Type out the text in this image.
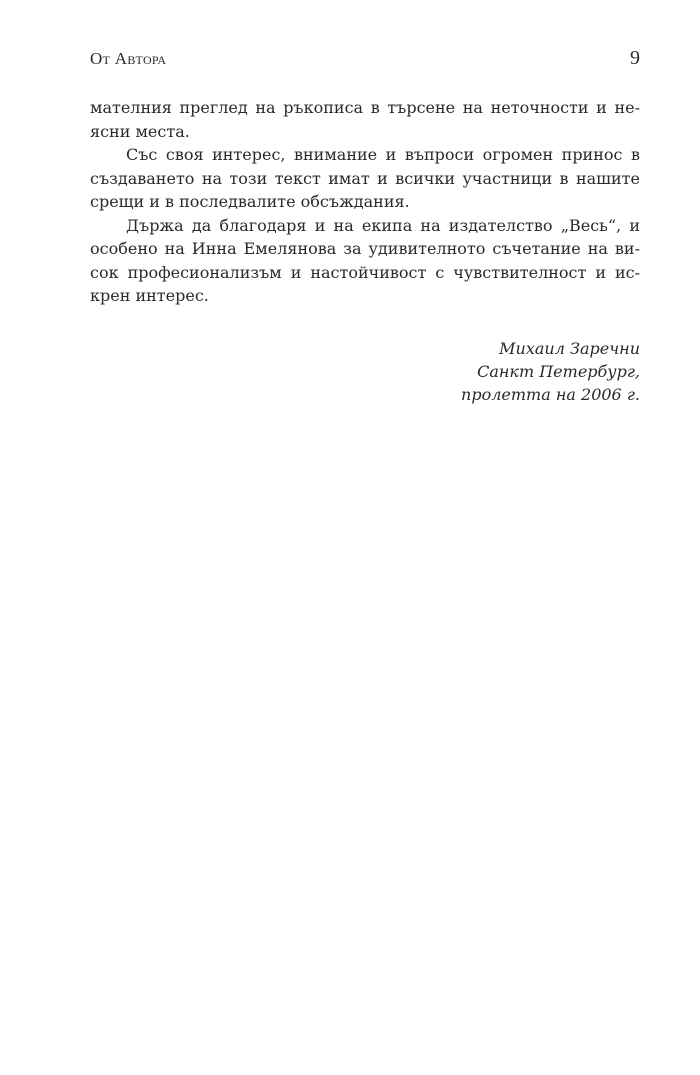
От Автора	9
мателния преглед на ръкописа в търсене на неточности и не-
ясни места.
Със своя интерес, внимание и въпроси огромен принос в
създаването на този текст имат и всички участници в нашите
срещи и в последвалите обсъждания.
Държа да благодаря и на екипа на издателство „Весь“, и
особено на Инна Емелянова за удивителното съчетание на ви-
сок професионализъм и настойчивост с чувствителност и ис-
крен интерес.
Михаил Заречни
Санкт Петербург,
пролетта на 2006 г.
